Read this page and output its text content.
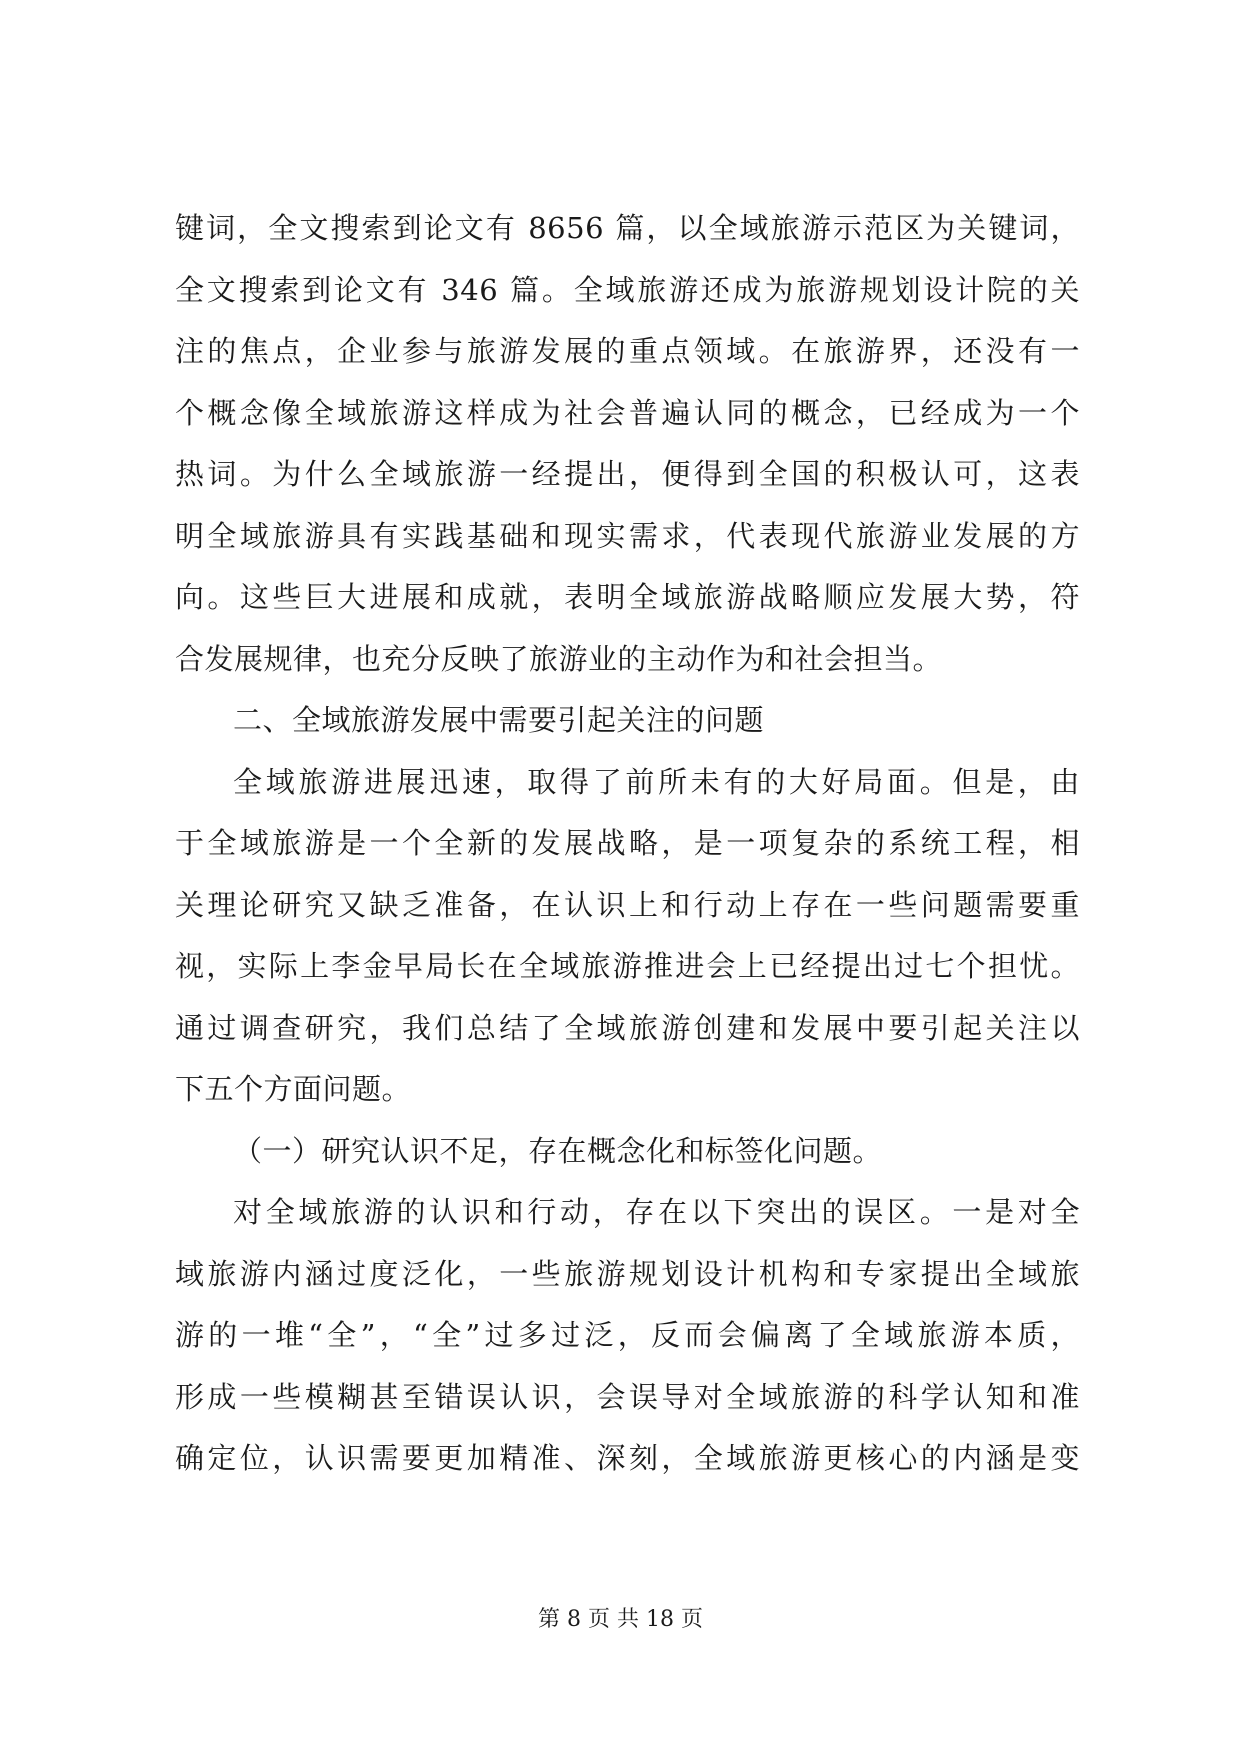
键词，全文搜索到论文有 8656 篇，以全域旅游示范区为关键词，
全文搜索到论文有 346 篇。全域旅游还成为旅游规划设计院的关
注的焦点，企业参与旅游发展的重点领域。在旅游界，还没有一
个概念像全域旅游这样成为社会普遍认同的概念，已经成为一个
热词。为什么全域旅游一经提出，便得到全国的积极认可，这表
明全域旅游具有实践基础和现实需求，代表现代旅游业发展的方
向。这些巨大进展和成就，表明全域旅游战略顺应发展大势，符
合发展规律，也充分反映了旅游业的主动作为和社会担当。
二、全域旅游发展中需要引起关注的问题
全域旅游进展迅速，取得了前所未有的大好局面。但是，由
于全域旅游是一个全新的发展战略，是一项复杂的系统工程，相
关理论研究又缺乏准备，在认识上和行动上存在一些问题需要重
视，实际上李金早局长在全域旅游推进会上已经提出过七个担忧。
通过调查研究，我们总结了全域旅游创建和发展中要引起关注以
下五个方面问题。
（一）研究认识不足，存在概念化和标签化问题。
对全域旅游的认识和行动，存在以下突出的误区。一是对全
域旅游内涵过度泛化，一些旅游规划设计机构和专家提出全域旅
游的一堆“全”，“全”过多过泛，反而会偏离了全域旅游本质，
形成一些模糊甚至错误认识，会误导对全域旅游的科学认知和准
确定位，认识需要更加精准、深刻，全域旅游更核心的内涵是变
第 8 页 共 18 页
